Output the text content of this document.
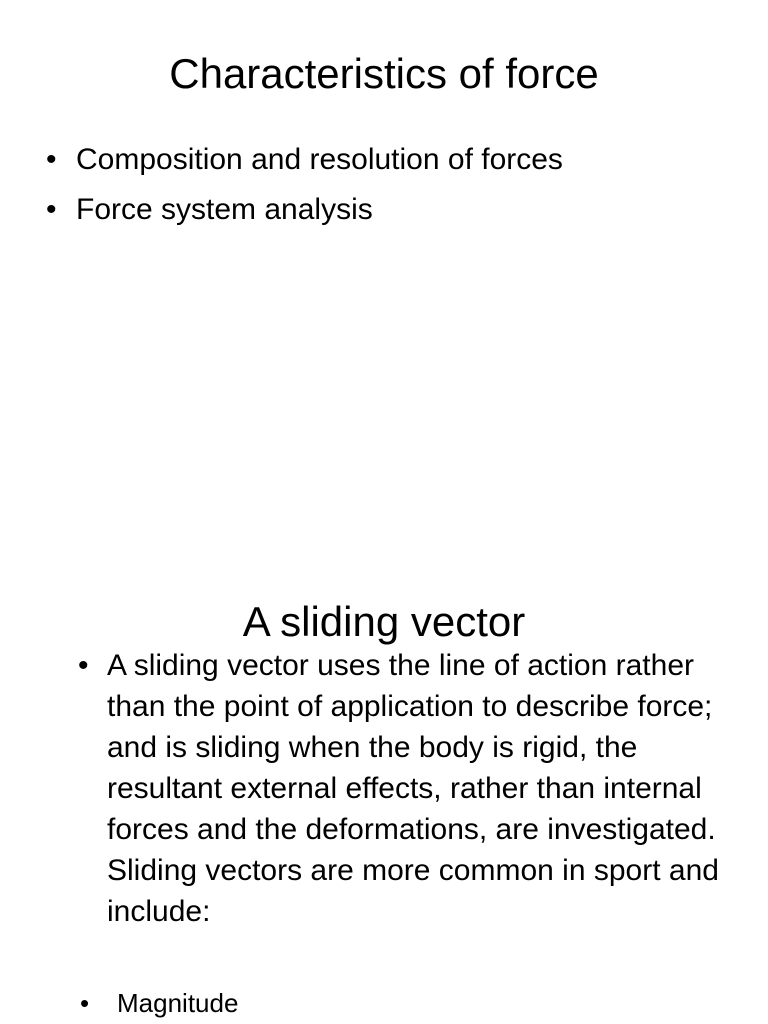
Characteristics of force
• Composition and resolution of forces
• Force system analysis
A sliding vector
• A sliding vector uses the line of action rather than the point of application to describe force; and is sliding when the body is rigid, the resultant external effects, rather than internal forces and the deformations, are investigated. Sliding vectors are more common in sport and include:
• Magnitude
